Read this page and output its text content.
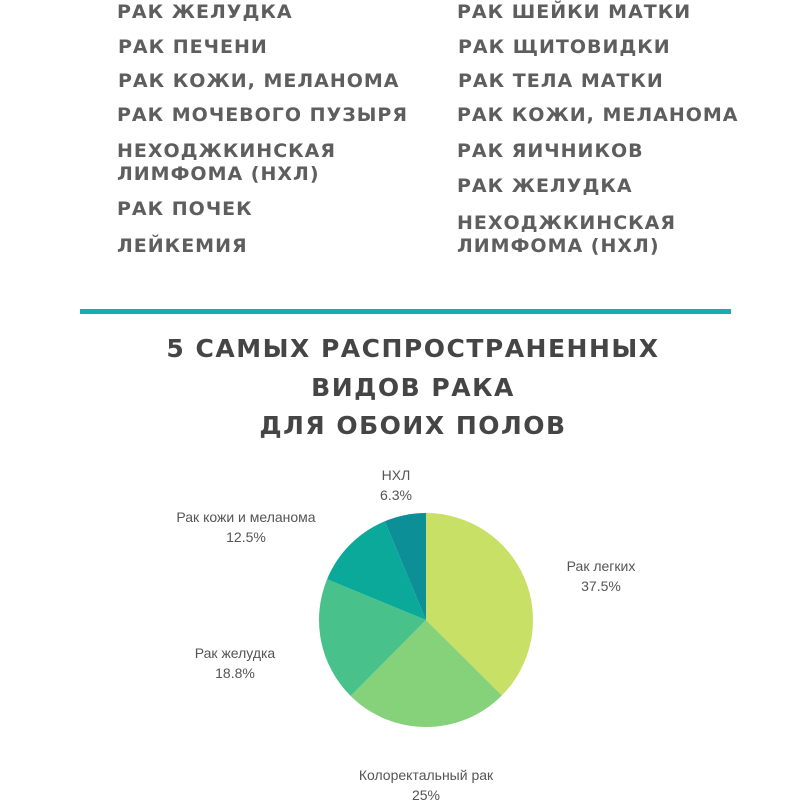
РАК ЖЕЛУДКА

РАК ПЕЧЕНИ

РАК КОЖИ, МЕЛАНОМА

РАК МОЧЕВОГО ПУЗЫРЯ

НЕХОДЖКИНСКАЯ
ЛИМФОМА (НХЛ)

РАК ПОЧЕК

ЛЕЙКЕМИЯ

РАК ШЕЙКИ МАТКИ

РАК ЩИТОВИДКИ

РАК ТЕЛА МАТКИ

РАК КОЖИ, МЕЛАНОМА

РАК ЯИЧНИКОВ

РАК ЖЕЛУДКА

НЕХОДЖКИНСКАЯ
ЛИМФОМА (НХЛ)

5 САМЫХ РАСПРОСТРАНЕННЫХ
ВИДОВ РАКА
ДЛЯ ОБОИХ ПОЛОВ
Рак легких 37.5%
Колоректальный рак 25%
Рак желудка 18.8%
Рак кожи и меланома 12.5%
НХЛ 6.3%
